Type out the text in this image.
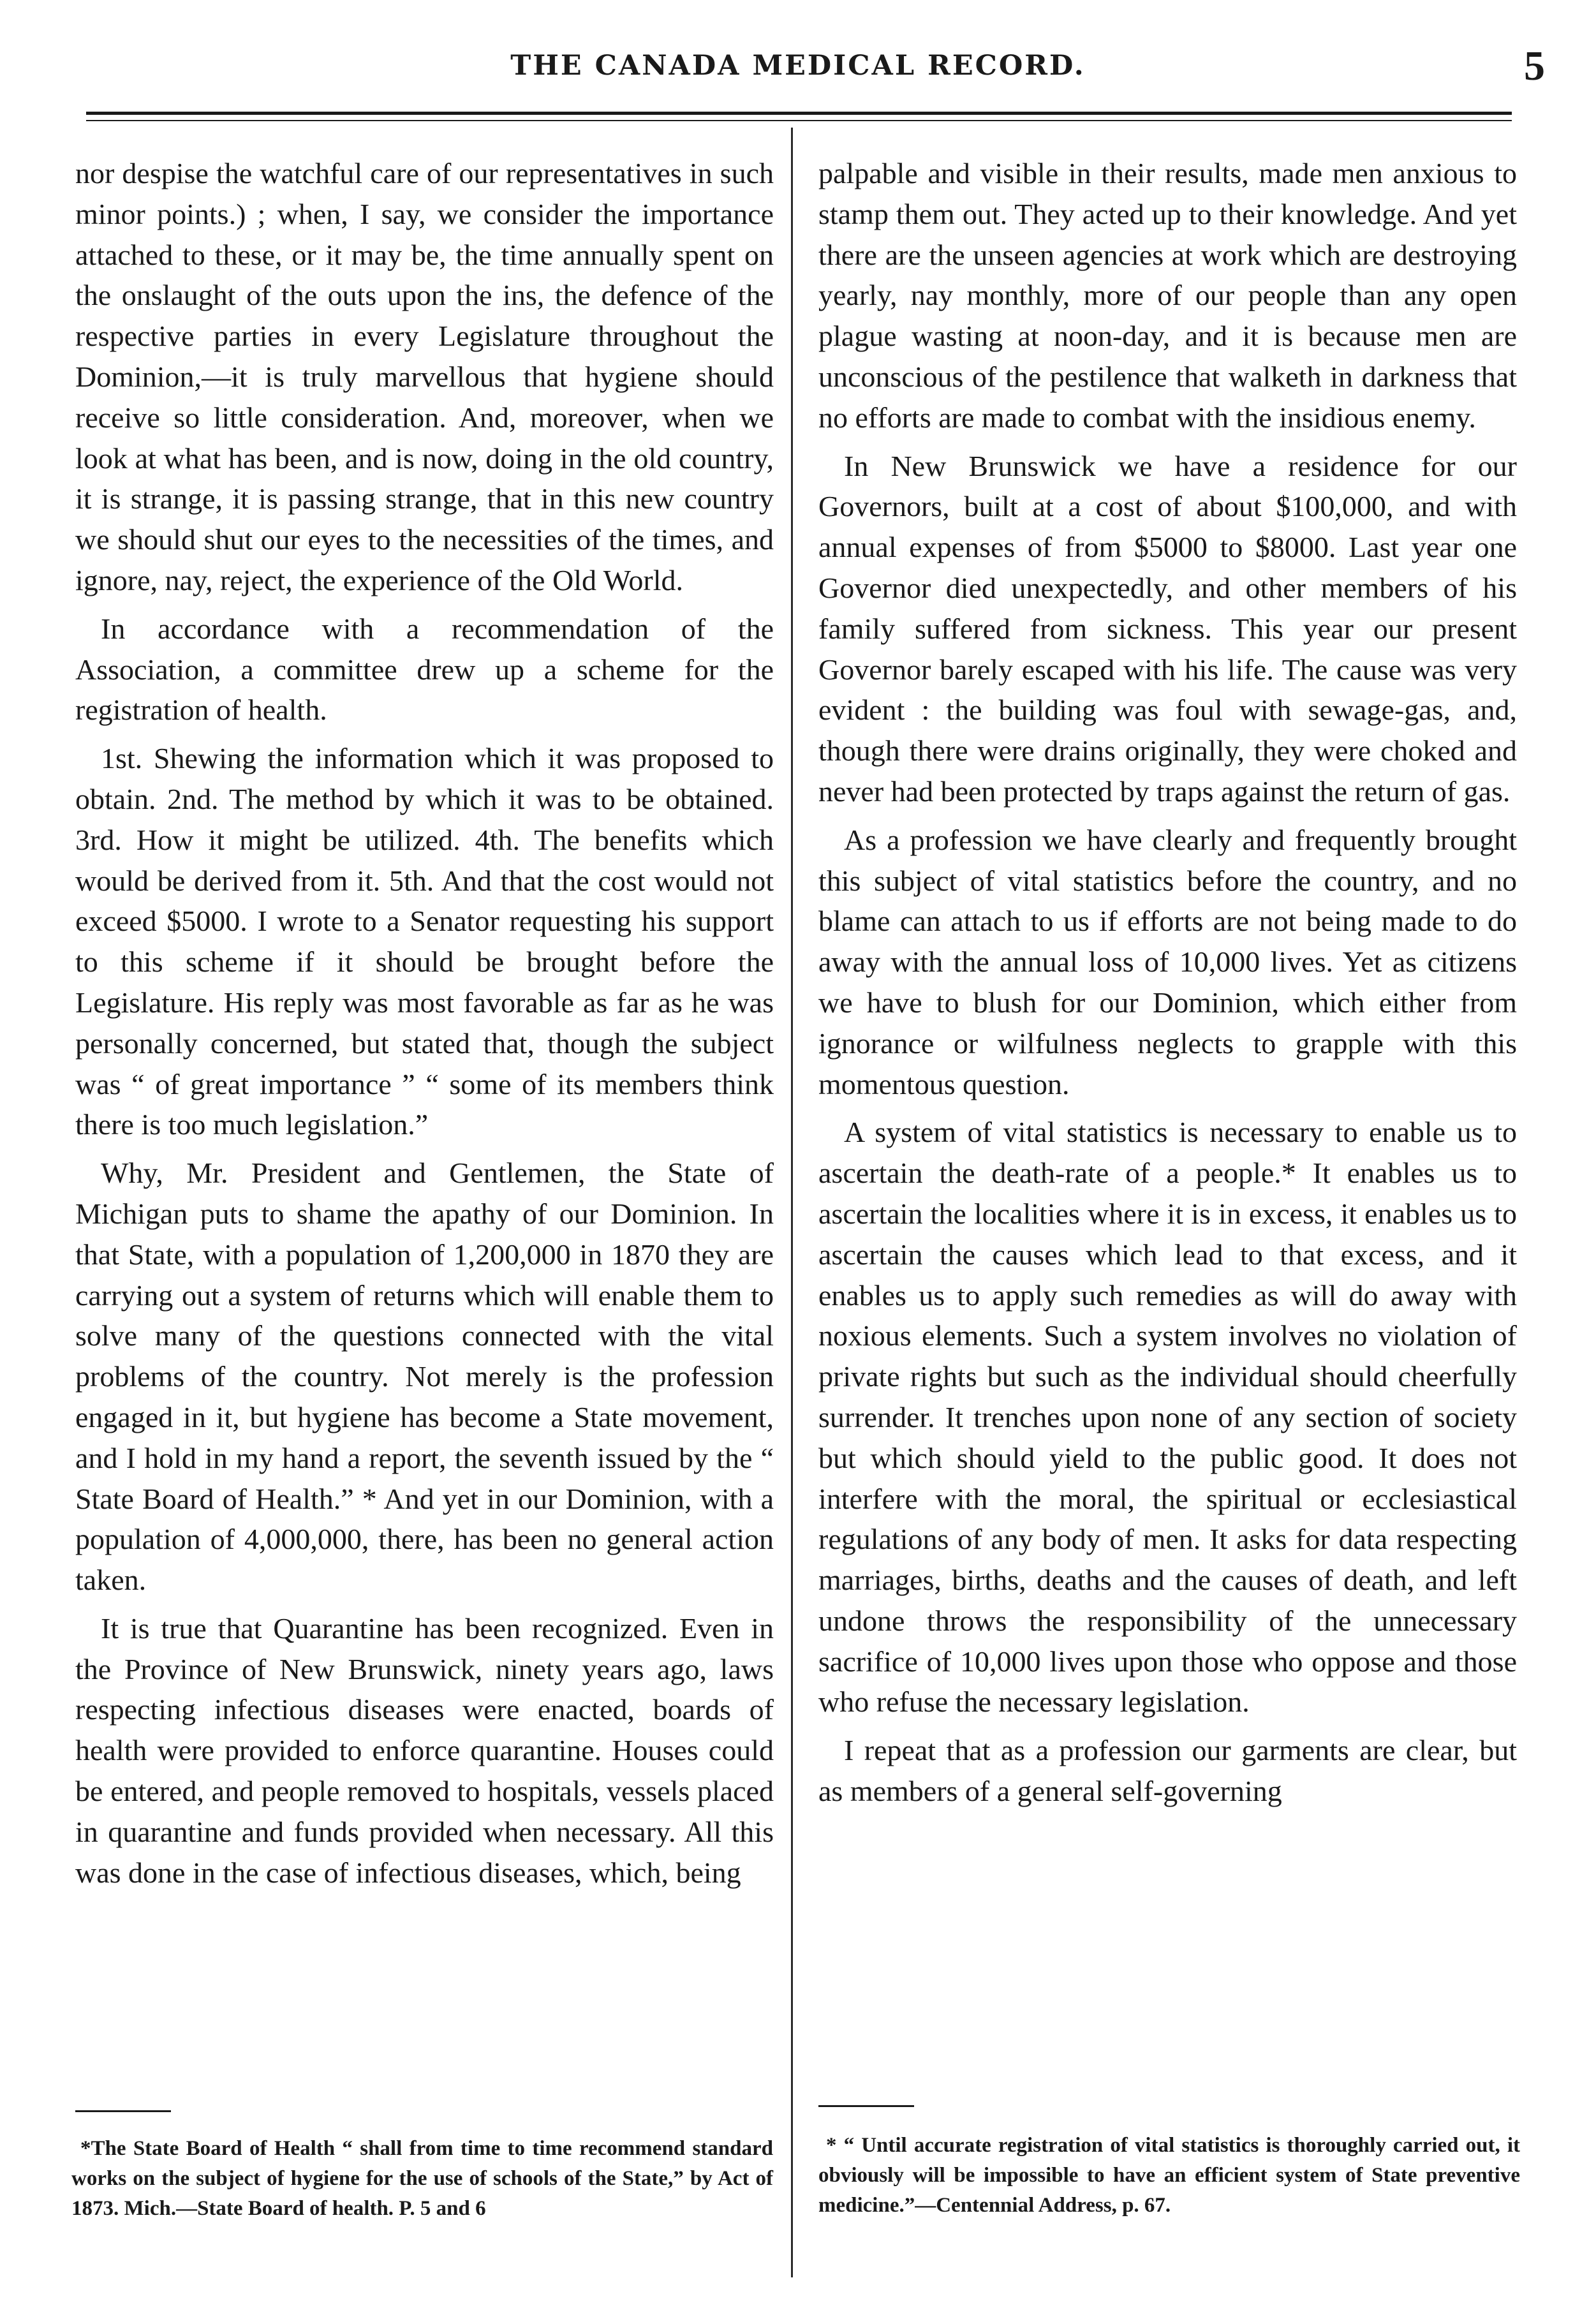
THE CANADA MEDICAL RECORD.	5

nor despise the watchful care of our representatives in such minor points.) ; when, I say, we consider the importance attached to these, or it may be, the time annually spent on the onslaught of the outs upon the ins, the defence of the respective parties in every Legislature throughout the Dominion,—it is truly marvellous that hygiene should receive so little consideration. And, moreover, when we look at what has been, and is now, doing in the old country, it is strange, it is passing strange, that in this new country we should shut our eyes to the necessities of the times, and ignore, nay, reject, the experience of the Old World.

In accordance with a recommendation of the Association, a committee drew up a scheme for the registration of health.

1st. Shewing the information which it was proposed to obtain. 2nd. The method by which it was to be obtained. 3rd. How it might be utilized. 4th. The benefits which would be derived from it. 5th. And that the cost would not exceed $5000. I wrote to a Senator requesting his support to this scheme if it should be brought before the Legislature. His reply was most favorable as far as he was personally concerned, but stated that, though the subject was “ of great importance ” “ some of its members think there is too much legislation.”

Why, Mr. President and Gentlemen, the State of Michigan puts to shame the apathy of our Dominion. In that State, with a population of 1,200,000 in 1870 they are carrying out a system of returns which will enable them to solve many of the questions connected with the vital problems of the country. Not merely is the profession engaged in it, but hygiene has become a State movement, and I hold in my hand a report, the seventh issued by the “ State Board of Health.” * And yet in our Dominion, with a population of 4,000,000, there, has been no general action taken.

It is true that Quarantine has been recognized. Even in the Province of New Brunswick, ninety years ago, laws respecting infectious diseases were enacted, boards of health were provided to enforce quarantine. Houses could be entered, and people removed to hospitals, vessels placed in quarantine and funds provided when necessary. All this was done in the case of infectious diseases, which, being

palpable and visible in their results, made men anxious to stamp them out. They acted up to their knowledge. And yet there are the unseen agencies at work which are destroying yearly, nay monthly, more of our people than any open plague wasting at noon-day, and it is because men are unconscious of the pestilence that walketh in darkness that no efforts are made to combat with the insidious enemy.

In New Brunswick we have a residence for our Governors, built at a cost of about $100,000, and with annual expenses of from $5000 to $8000. Last year one Governor died unexpectedly, and other members of his family suffered from sickness. This year our present Governor barely escaped with his life. The cause was very evident : the building was foul with sewage-gas, and, though there were drains originally, they were choked and never had been protected by traps against the return of gas.

As a profession we have clearly and frequently brought this subject of vital statistics before the country, and no blame can attach to us if efforts are not being made to do away with the annual loss of 10,000 lives. Yet as citizens we have to blush for our Dominion, which either from ignorance or wilfulness neglects to grapple with this momentous question.

A system of vital statistics is necessary to enable us to ascertain the death-rate of a people.* It enables us to ascertain the localities where it is in excess, it enables us to ascertain the causes which lead to that excess, and it enables us to apply such remedies as will do away with noxious elements. Such a system involves no violation of private rights but such as the individual should cheerfully surrender. It trenches upon none of any section of society but which should yield to the public good. It does not interfere with the moral, the spiritual or ecclesiastical regulations of any body of men. It asks for data respecting marriages, births, deaths and the causes of death, and left undone throws the responsibility of the unnecessary sacrifice of 10,000 lives upon those who oppose and those who refuse the necessary legislation.

I repeat that as a profession our garments are clear, but as members of a general self-governing

*The State Board of Health “ shall from time to time recommend standard works on the subject of hygiene for the use of schools of the State,” by Act of 1873. Mich.—State Board of health. P. 5 and 6

* “ Until accurate registration of vital statistics is thoroughly carried out, it obviously will be impossible to have an efficient system of State preventive medicine.”—Centennial Address, p. 67.
